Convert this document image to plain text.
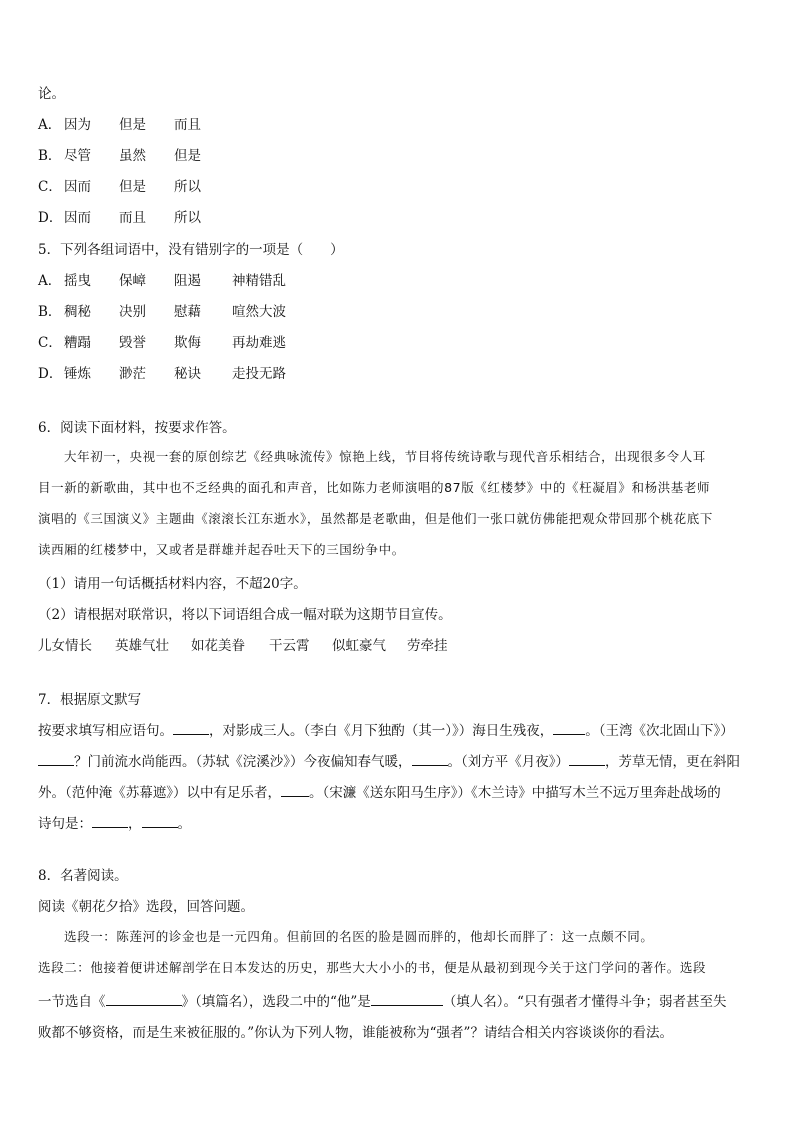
论。
A． 因为 但是 而且
B． 尽管 虽然 但是
C． 因而 但是 所以
D． 因而 而且 所以
5．下列各组词语中，没有错别字的一项是（　　）
A． 摇曳 保嶂 阻遏 神精错乱
B． 稠秘 决别 慰藉 喧然大波
C． 糟蹋 毁誉 欺侮 再劫难逃
D． 锤炼 渺茫 秘诀 走投无路
6．阅读下面材料，按要求作答。
大年初一，央视一套的原创综艺《经典咏流传》惊艳上线，节目将传统诗歌与现代音乐相结合，出现很多令人耳
目一新的新歌曲，其中也不乏经典的面孔和声音，比如陈力老师演唱的87版《红楼梦》中的《枉凝眉》和杨洪基老师
演唱的《三国演义》主题曲《滚滚长江东逝水》，虽然都是老歌曲，但是他们一张口就仿佛能把观众带回那个桃花底下
读西厢的红楼梦中，又或者是群雄并起吞吐天下的三国纷争中。
（1）请用一句话概括材料内容，不超20字。
（2）请根据对联常识，将以下词语组合成一幅对联为这期节目宣传。
儿女情长 英雄气壮 如花美眷 干云霄 似虹豪气 劳牵挂
7．根据原文默写
按要求填写相应语句。	，对影成三人。（李白《月下独酌（其一）》）海日生残夜， 。（王湾《次北固山下》）
？门前流水尚能西。（苏轼《浣溪沙》）今夜偏知春气暖，	。（刘方平《月夜》）	，芳草无情，更在斜阳
外。（范仲淹《苏幕遮》）以中有足乐者， 。（宋濂《送东阳马生序》）《木兰诗》中描写木兰不远万里奔赴战场的
诗句是：	，	。
8．名著阅读。
阅读《朝花夕拾》选段，回答问题。
选段一：陈莲河的诊金也是一元四角。但前回的名医的脸是圆而胖的，他却长而胖了：这一点颇不同。
选段二：他接着便讲述解剖学在日本发达的历史，那些大大小小的书，便是从最初到现今关于这门学问的著作。选段
一节选自《	》（填篇名），选段二中的“他”是	（填人名）。“只有强者才懂得斗争；弱者甚至失
败都不够资格，而是生来被征服的。”你认为下列人物，谁能被称为“强者”？请结合相关内容谈谈你的看法。
